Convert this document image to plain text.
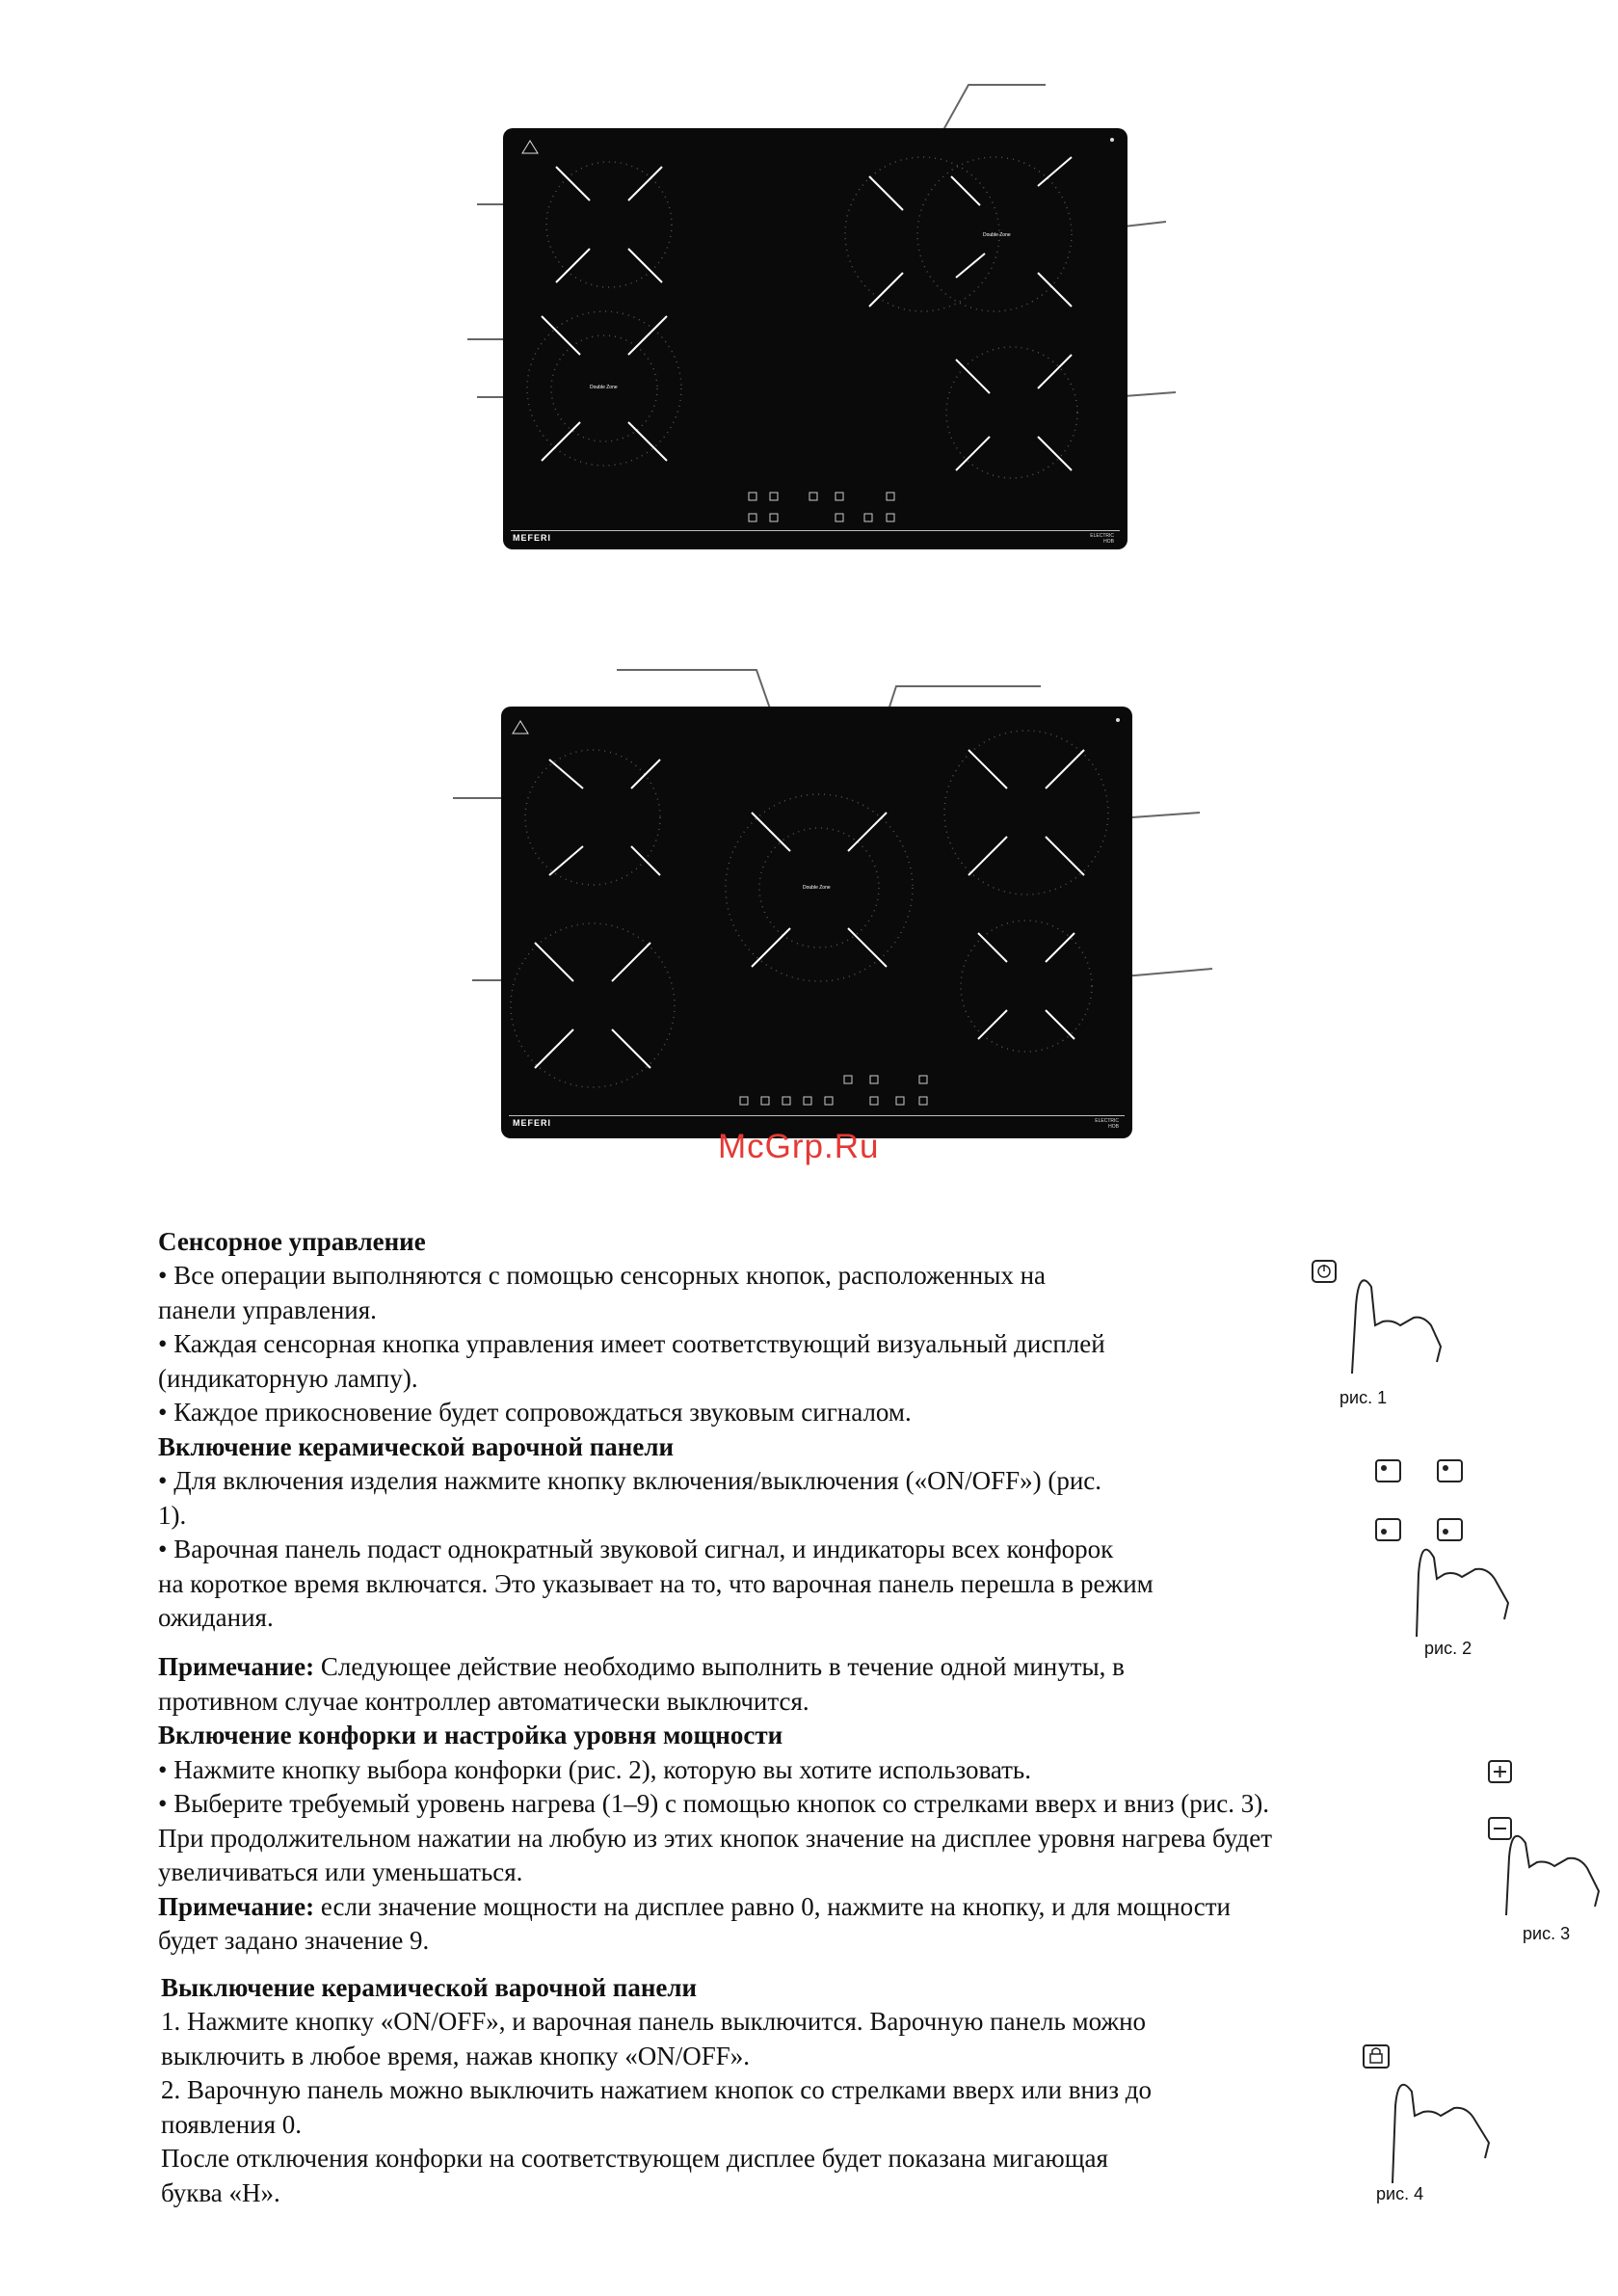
Double Zone
Double Zone
MEFERI	ELECTRIC
HOB
Double Zone
MEFERI	ELECTRIC
HOB
McGrp.Ru
Сенсорное управление
• Все операции выполняются с помощью сенсорных кнопок, расположенных на
панели управления.
• Каждая сенсорная кнопка управления имеет соответствующий визуальный дисплей
(индикаторную лампу).
• Каждое прикосновение будет сопровождаться звуковым сигналом.
Включение керамической варочной панели
• Для включения изделия нажмите кнопку включения/выключения («ON/OFF») (рис.
1).
• Варочная панель подаст однократный звуковой сигнал, и индикаторы всех конфорок
на короткое время включатся. Это указывает на то, что варочная панель перешла в режим
ожидания.
Примечание: Следующее действие необходимо выполнить в течение одной минуты, в
противном случае контроллер автоматически выключится.
Включение конфорки и настройка уровня мощности
• Нажмите кнопку выбора конфорки (рис. 2), которую вы хотите использовать.
• Выберите требуемый уровень нагрева (1–9) с помощью кнопок со стрелками вверх и вниз (рис. 3).
При продолжительном нажатии на любую из этих кнопок значение на дисплее уровня нагрева будет
увеличиваться или уменьшаться.
Примечание: если значение мощности на дисплее равно 0, нажмите на кнопку, и для мощности
будет задано значение 9.
Выключение керамической варочной панели
1. Нажмите кнопку «ON/OFF», и варочная панель выключится. Варочную панель можно
выключить в любое время, нажав кнопку «ON/OFF».
2. Варочную панель можно выключить нажатием кнопок со стрелками вверх или вниз до
появления 0.
После отключения конфорки на соответствующем дисплее будет показана мигающая
буква «H».
рис. 1
рис. 2
рис. 3
рис. 4
